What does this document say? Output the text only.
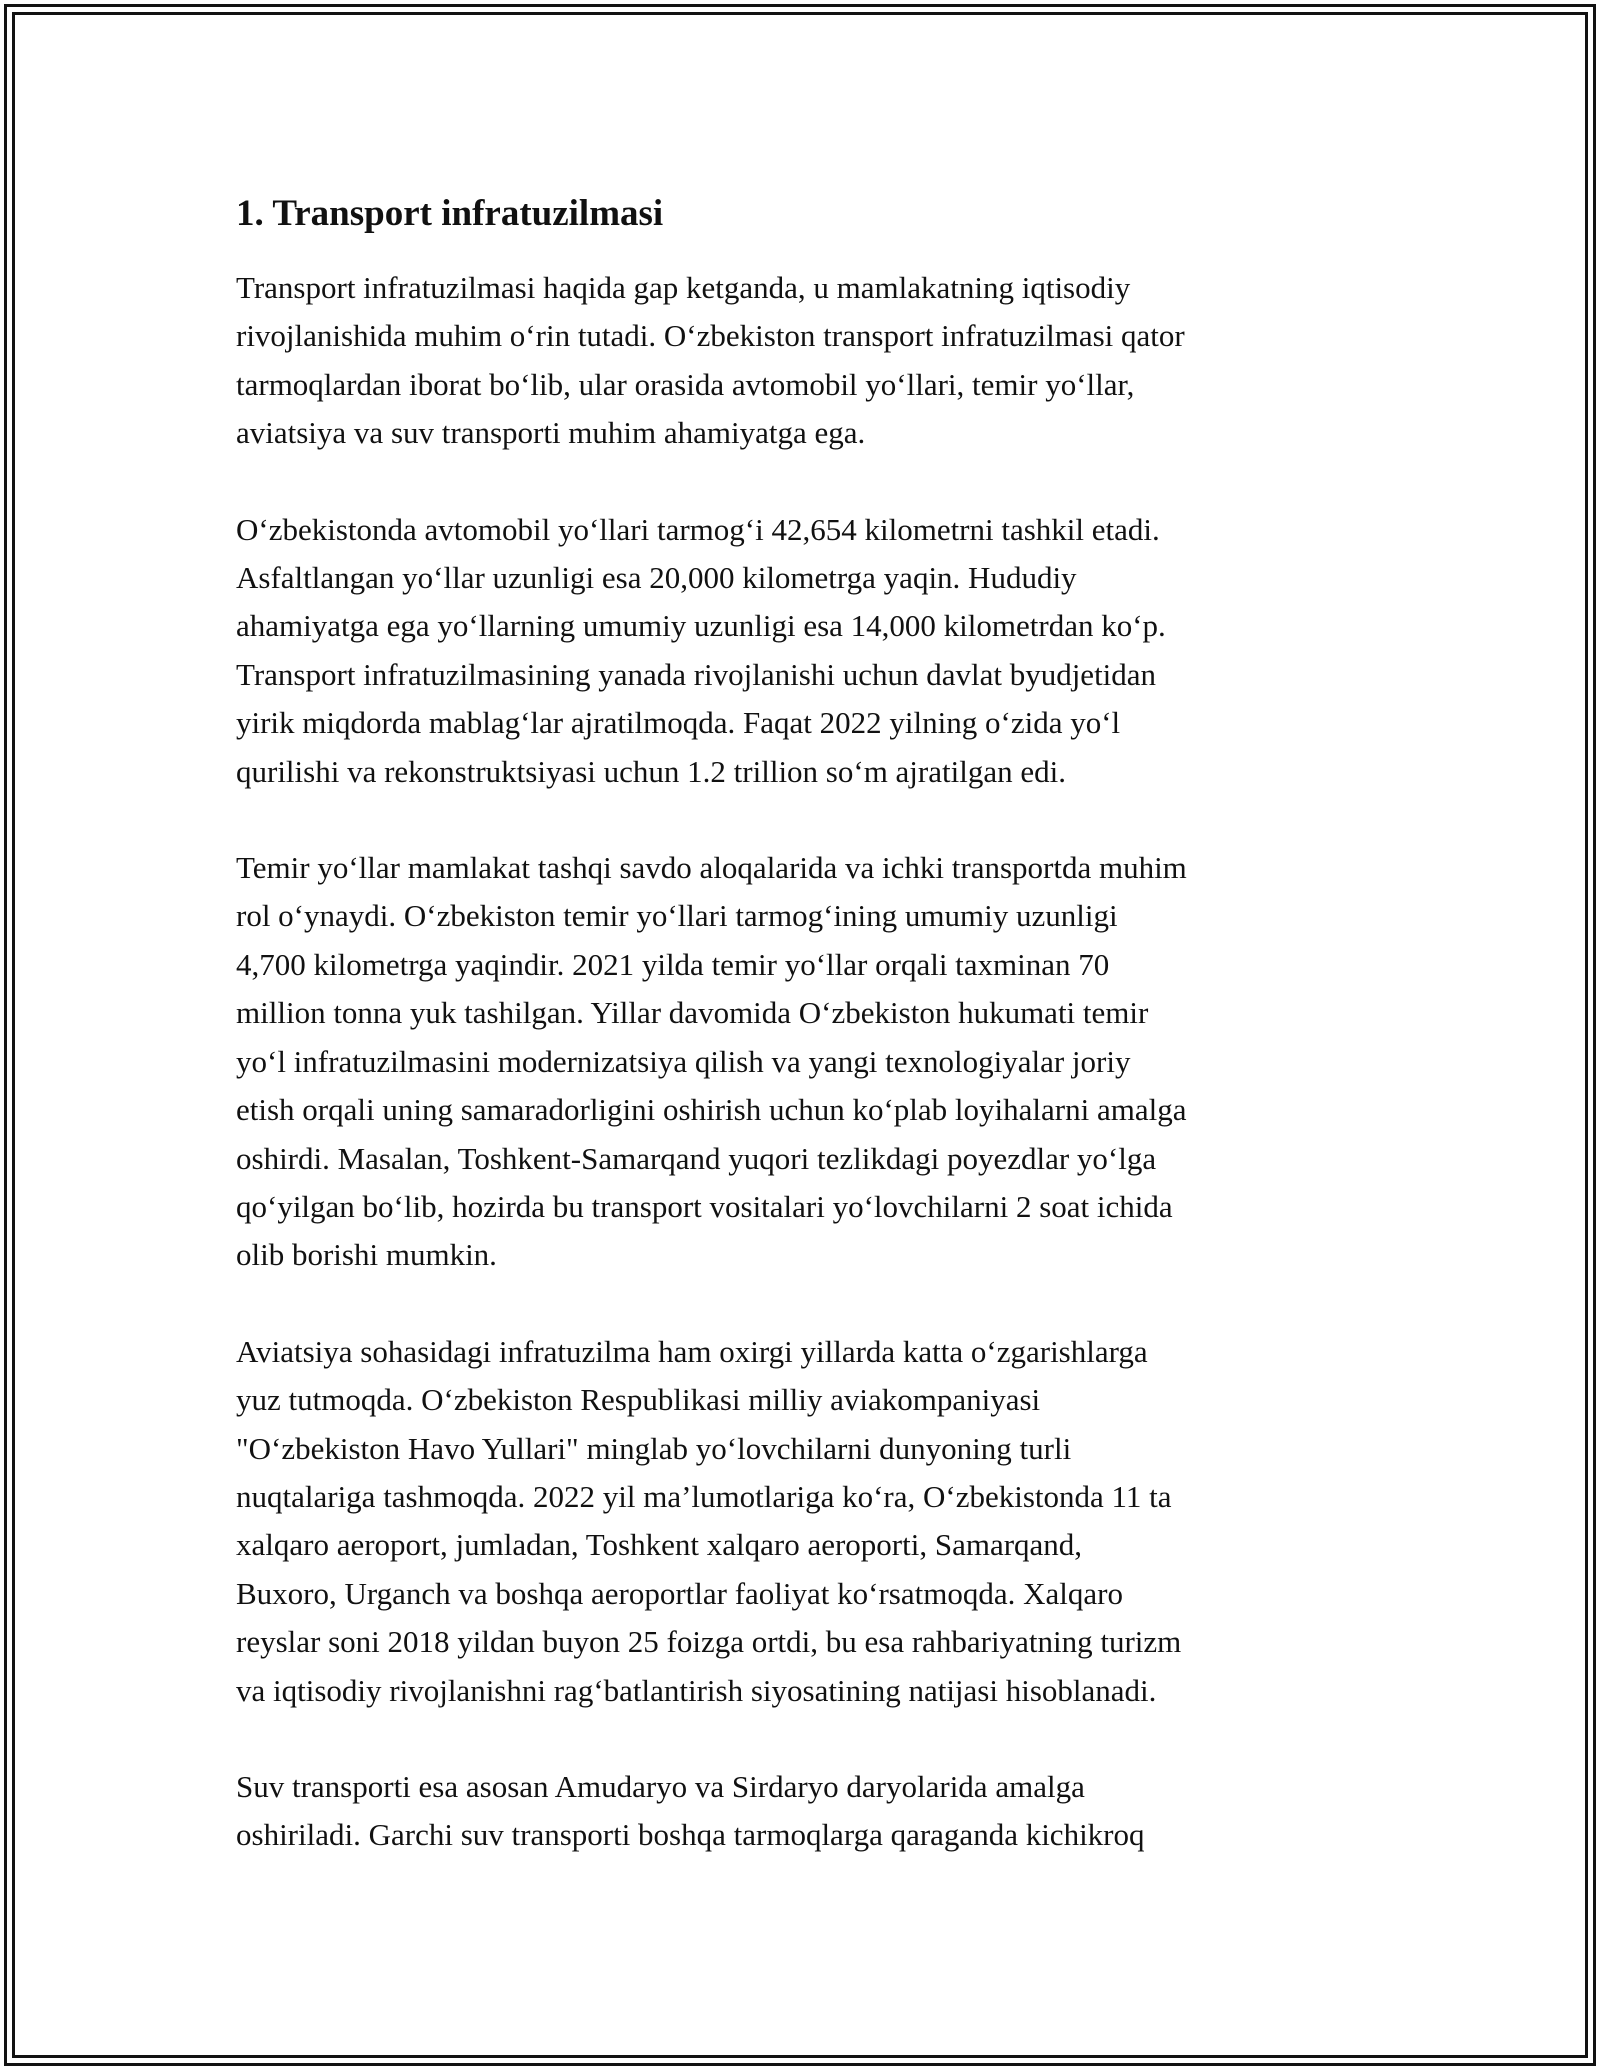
1. Transport infratuzilmasi

Transport infratuzilmasi haqida gap ketganda, u mamlakatning iqtisodiy
rivojlanishida muhim o‘rin tutadi. O‘zbekiston transport infratuzilmasi qator
tarmoqlardan iborat bo‘lib, ular orasida avtomobil yo‘llari, temir yo‘llar,
aviatsiya va suv transporti muhim ahamiyatga ega.

O‘zbekistonda avtomobil yo‘llari tarmog‘i 42,654 kilometrni tashkil etadi.
Asfaltlangan yo‘llar uzunligi esa 20,000 kilometrga yaqin. Hududiy
ahamiyatga ega yo‘llarning umumiy uzunligi esa 14,000 kilometrdan ko‘p.
Transport infratuzilmasining yanada rivojlanishi uchun davlat byudjetidan
yirik miqdorda mablag‘lar ajratilmoqda. Faqat 2022 yilning o‘zida yo‘l
qurilishi va rekonstruktsiyasi uchun 1.2 trillion so‘m ajratilgan edi.

Temir yo‘llar mamlakat tashqi savdo aloqalarida va ichki transportda muhim
rol o‘ynaydi. O‘zbekiston temir yo‘llari tarmog‘ining umumiy uzunligi
4,700 kilometrga yaqindir. 2021 yilda temir yo‘llar orqali taxminan 70
million tonna yuk tashilgan. Yillar davomida O‘zbekiston hukumati temir
yo‘l infratuzilmasini modernizatsiya qilish va yangi texnologiyalar joriy
etish orqali uning samaradorligini oshirish uchun ko‘plab loyihalarni amalga
oshirdi. Masalan, Toshkent-Samarqand yuqori tezlikdagi poyezdlar yo‘lga
qo‘yilgan bo‘lib, hozirda bu transport vositalari yo‘lovchilarni 2 soat ichida
olib borishi mumkin.

Aviatsiya sohasidagi infratuzilma ham oxirgi yillarda katta o‘zgarishlarga
yuz tutmoqda. O‘zbekiston Respublikasi milliy aviakompaniyasi
"O‘zbekiston Havo Yullari" minglab yo‘lovchilarni dunyoning turli
nuqtalariga tashmoqda. 2022 yil ma’lumotlariga ko‘ra, O‘zbekistonda 11 ta
xalqaro aeroport, jumladan, Toshkent xalqaro aeroporti, Samarqand,
Buxoro, Urganch va boshqa aeroportlar faoliyat ko‘rsatmoqda. Xalqaro
reyslar soni 2018 yildan buyon 25 foizga ortdi, bu esa rahbariyatning turizm
va iqtisodiy rivojlanishni rag‘batlantirish siyosatining natijasi hisoblanadi.

Suv transporti esa asosan Amudaryo va Sirdaryo daryolarida amalga
oshiriladi. Garchi suv transporti boshqa tarmoqlarga qaraganda kichikroq
